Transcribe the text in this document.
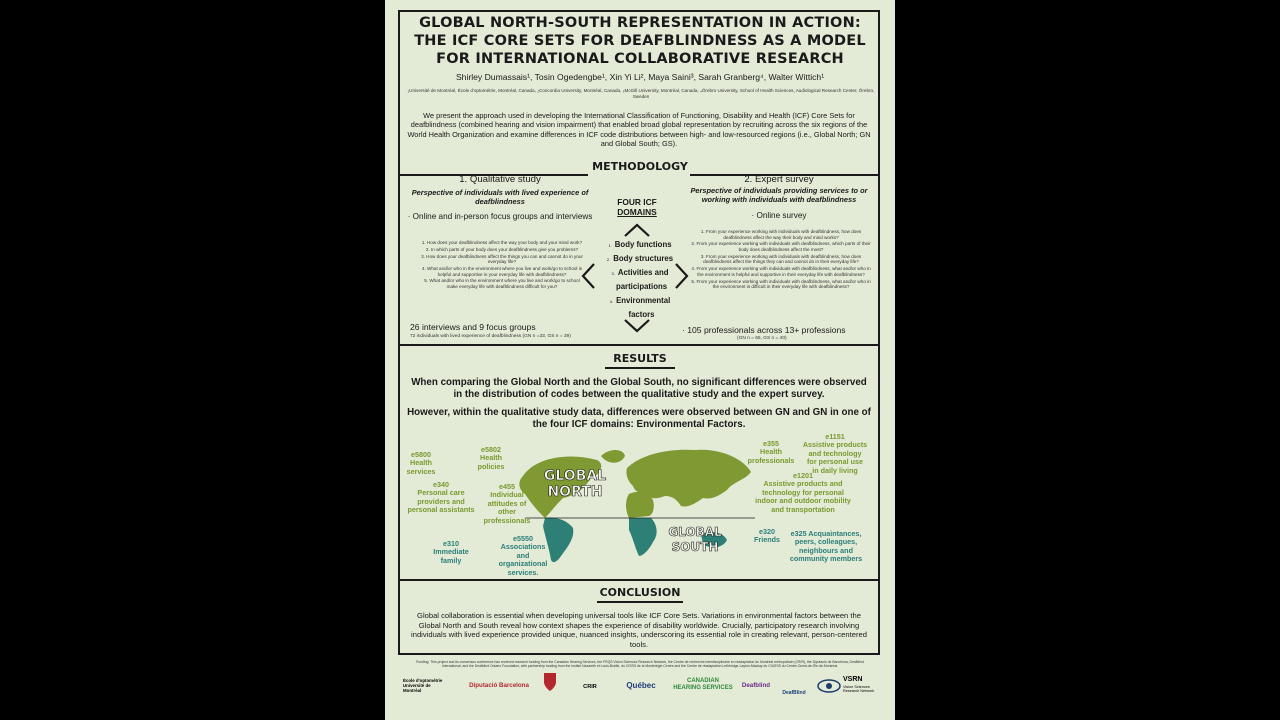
GLOBAL NORTH-SOUTH REPRESENTATION IN ACTION:
THE ICF CORE SETS FOR DEAFBLINDNESS AS A MODEL
FOR INTERNATIONAL COLLABORATIVE RESEARCH
Shirley Dumassais¹, Tosin Ogedengbe¹, Xin Yi Li², Maya Saini³, Sarah Granberg⁴, Walter Wittich¹
₁Université de Montréal, École d'optométrie, Montréal, Canada, ₂Concordia University, Montréal, Canada, ₃McGill University, Montréal, Canada, ₄Örebro University, School of Health Sciences, Audiological Research Center, Örebro, Sweden
We present the approach used in developing the International Classification of Functioning, Disability and Health (ICF) Core Sets for deafblindness (combined hearing and vision impairment) that enabled broad global representation by recruiting across the six regions of the World Health Organization and examine differences in ICF code distributions between high- and low-resourced regions (i.e., Global North; GN and Global South; GS).
METHODOLOGY
1. Qualitative study
Perspective of individuals with lived experience of deafblindness
· Online and in-person focus groups and interviews
1. How does your deafblindness affect the way your body and your mind work?
2. In which parts of your body does your deafblindness give you problems?
3. How does your deafblindness affect the things you can and cannot do in your everyday life?
4. What and/or who in the environment where you live and work/go to school is helpful and supportive in your everyday life with deafblindness?
5. What and/or who in the environment where you live and work/go to school make everyday life with deafblindness difficult for you?
26 interviews and 9 focus groups
72 individuals with lived experience of deafblindness (GN n =33, GS n = 39)
FOUR ICF
DOMAINS
1. Body functions
2. Body structures
3. Activities and
participations
4. Environmental
factors
2. Expert survey
Perspective of individuals providing services to or working with individuals with deafblindness
· Online survey
1. From your experience working with individuals with deafblindness, how does deafblindness affect the way their body and mind works?
2. From your experience working with individuals with deafblindness, which parts of their body does deafblindness affect the most?
3. From your experience working with individuals with deafblindness, how does deafblindness affect the things they can and cannot do in their everyday life?
4. From your experience working with individuals with deafblindness, what and/or who in the environment is helpful and supportive in their everyday life with deafblindness?
5. From your experience working with individuals with deafblindness, what and/or who in the environment is difficult in their everyday life with deafblindness?
· 105 professionals across 13+ professions
(GN n = 65, GS n = 40)
RESULTS
When comparing the Global North and the Global South, no significant differences were observed in the distribution of codes between the qualitative study and the expert survey.
However, within the qualitative study data, differences were observed between GN and GN in one of the four ICF domains: Environmental Factors.
GLOBAL
NORTH
GLOBAL
SOUTH
e5800
Health
services
e5802
Health
policies
e340
Personal care
providers and
personal assistants
e455
Individual
attitudes of
other
professionals
e310
Immediate
family
e5550
Associations
and
organizational
services.
e355
Health
professionals
e1151
Assistive products
and technology
for personal use
in daily living
e1201
Assistive products and
technology for personal
indoor and outdoor mobility
and transportation
e320
Friends
e325 Acquaintances,
peers, colleagues,
neighbours and
community members
CONCLUSION
Global collaboration is essential when developing universal tools like ICF Core Sets. Variations in environmental factors between the Global North and South reveal how context shapes the experience of disability worldwide. Crucially, participatory research involving individuals with lived experience provided unique, nuanced insights, underscoring its essential role in creating relevant, person-centered tools.
Funding: This project and its consensus conference has received research funding from the Canadian Hearing Services, the FRQS Vision Sciences Research Network, the Centre de recherche interdisciplinaire en réadaptation du Montréal métropolitain (CRIR), the Diputació de Barcelona, Deafblind International, and the Deafblind Ontario Foundation, with partnership funding from the Institut Nazareth et Louis-Braille, du CISSS de la Montérégie-Centre and the Centre de réadaptation Lethbridge-Layton-Mackay du CIUSSS du Centre-Ouest-de-l'Île-de-Montréal.
École d'optométrie
Université de Montréal
Diputació Barcelona	CRIR	Québec	CANADIAN HEARING SERVICES	Deafblind
DeafBlind
VSRN
Vision Sciences Research Network
